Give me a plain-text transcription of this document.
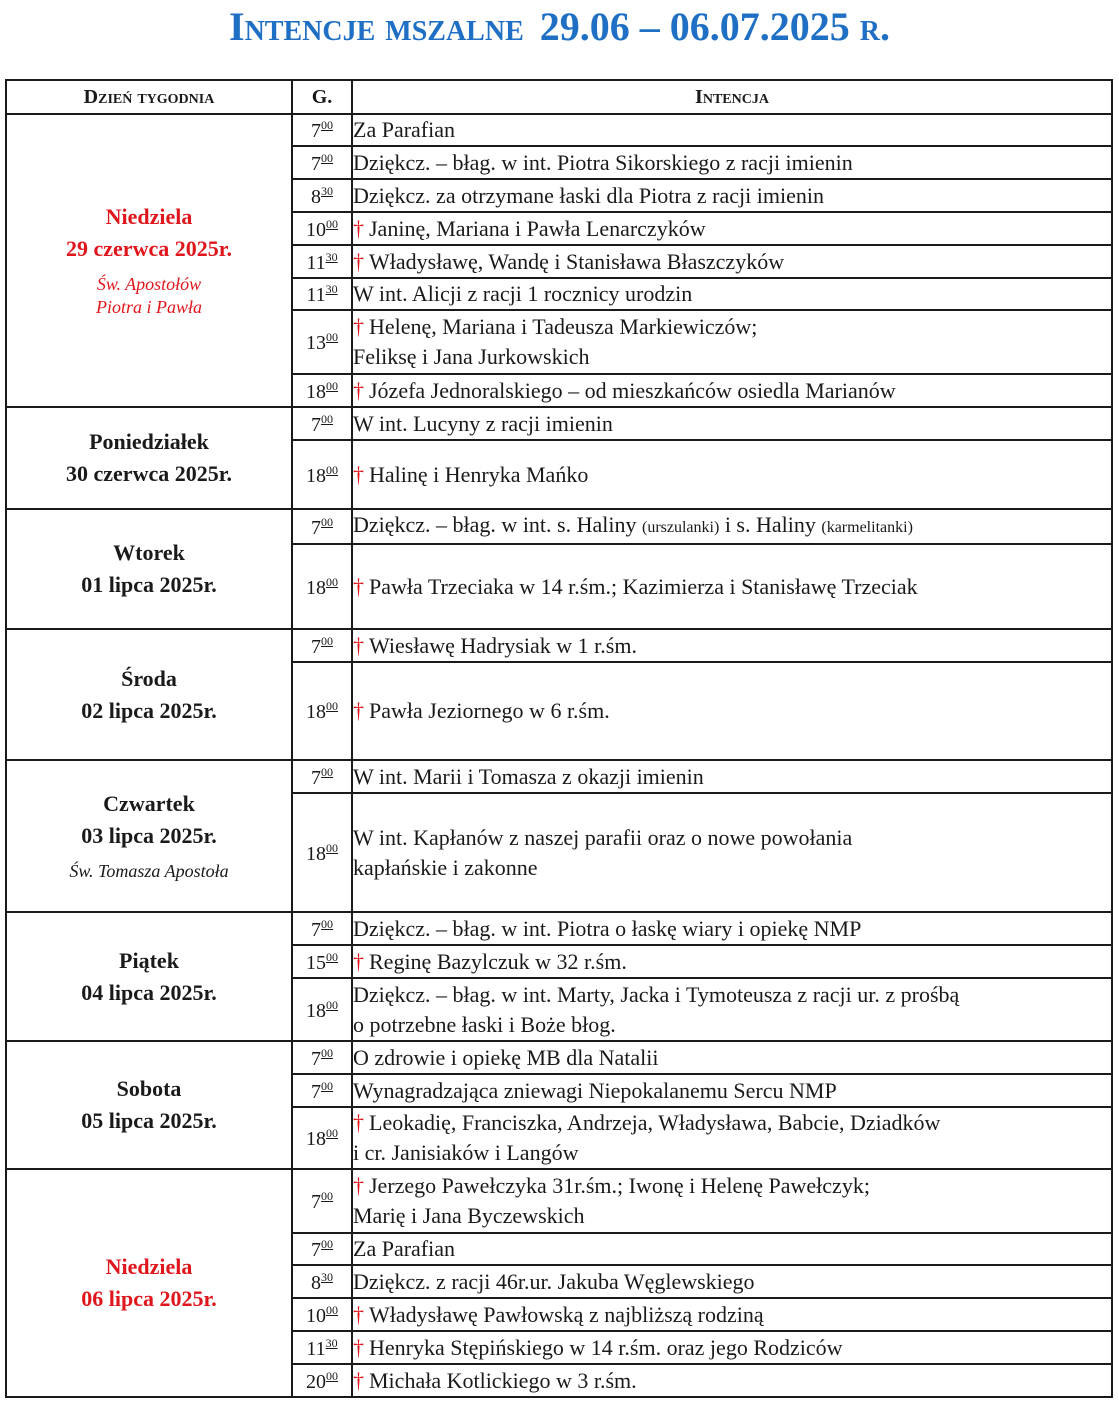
Intencje mszalne 29.06 – 06.07.2025 r.
Dzień tygodnia	G.	Intencja

Niedziela
29 czerwca 2025r.
Św. Apostołów
Piotra i Pawła	$7^{00}$	Za Parafian
	$7^{00}$	Dziękcz. – błag. w int. Piotra Sikorskiego z racji imienin
	$8^{30}$	Dziękcz. za otrzymane łaski dla Piotra z racji imienin
	$10^{00}$	† Janinę, Mariana i Pawła Lenarczyków
	$11^{30}$	† Władysławę, Wandę i Stanisława Błaszczyków
	$11^{30}$	W int. Alicji z racji 1 rocznicy urodzin
	$13^{00}$	† Helenę, Mariana i Tadeusza Markiewiczów;
Feliksę i Jana Jurkowskich
	$18^{00}$	† Józefa Jednoralskiego – od mieszkańców osiedla Marianów

Poniedziałek
30 czerwca 2025r.	$7^{00}$	W int. Lucyny z racji imienin
	$18^{00}$	† Halinę i Henryka Mańko

Wtorek
01 lipca 2025r.	$7^{00}$	Dziękcz. – błag. w int. s. Haliny (urszulanki) i s. Haliny (karmelitanki)
	$18^{00}$	† Pawła Trzeciaka w 14 r.śm.; Kazimierza i Stanisławę Trzeciak

Środa
02 lipca 2025r.	$7^{00}$	† Wiesławę Hadrysiak w 1 r.śm.
	$18^{00}$	† Pawła Jeziornego w 6 r.śm.

Czwartek
03 lipca 2025r.
Św. Tomasza Apostoła	$7^{00}$	W int. Marii i Tomasza z okazji imienin
	$18^{00}$	W int. Kapłanów z naszej parafii oraz o nowe powołania
kapłańskie i zakonne

Piątek
04 lipca 2025r.	$7^{00}$	Dziękcz. – błag. w int. Piotra o łaskę wiary i opiekę NMP
	$15^{00}$	† Reginę Bazylczuk w 32 r.śm.
	$18^{00}$	Dziękcz. – błag. w int. Marty, Jacka i Tymoteusza z racji ur. z prośbą
o potrzebne łaski i Boże błog.

Sobota
05 lipca 2025r.	$7^{00}$	O zdrowie i opiekę MB dla Natalii
	$7^{00}$	Wynagradzająca zniewagi Niepokalanemu Sercu NMP
	$18^{00}$	† Leokadię, Franciszka, Andrzeja, Władysława, Babcie, Dziadków
i cr. Janisiaków i Langów

Niedziela
06 lipca 2025r.	$7^{00}$	† Jerzego Pawełczyka 31r.śm.; Iwonę i Helenę Pawełczyk;
Marię i Jana Byczewskich
	$7^{00}$	Za Parafian
	$8^{30}$	Dziękcz. z racji 46r.ur. Jakuba Węglewskiego
	$10^{00}$	† Władysławę Pawłowską z najbliższą rodziną
	$11^{30}$	† Henryka Stępińskiego w 14 r.śm. oraz jego Rodziców
	$20^{00}$	† Michała Kotlickiego w 3 r.śm.
